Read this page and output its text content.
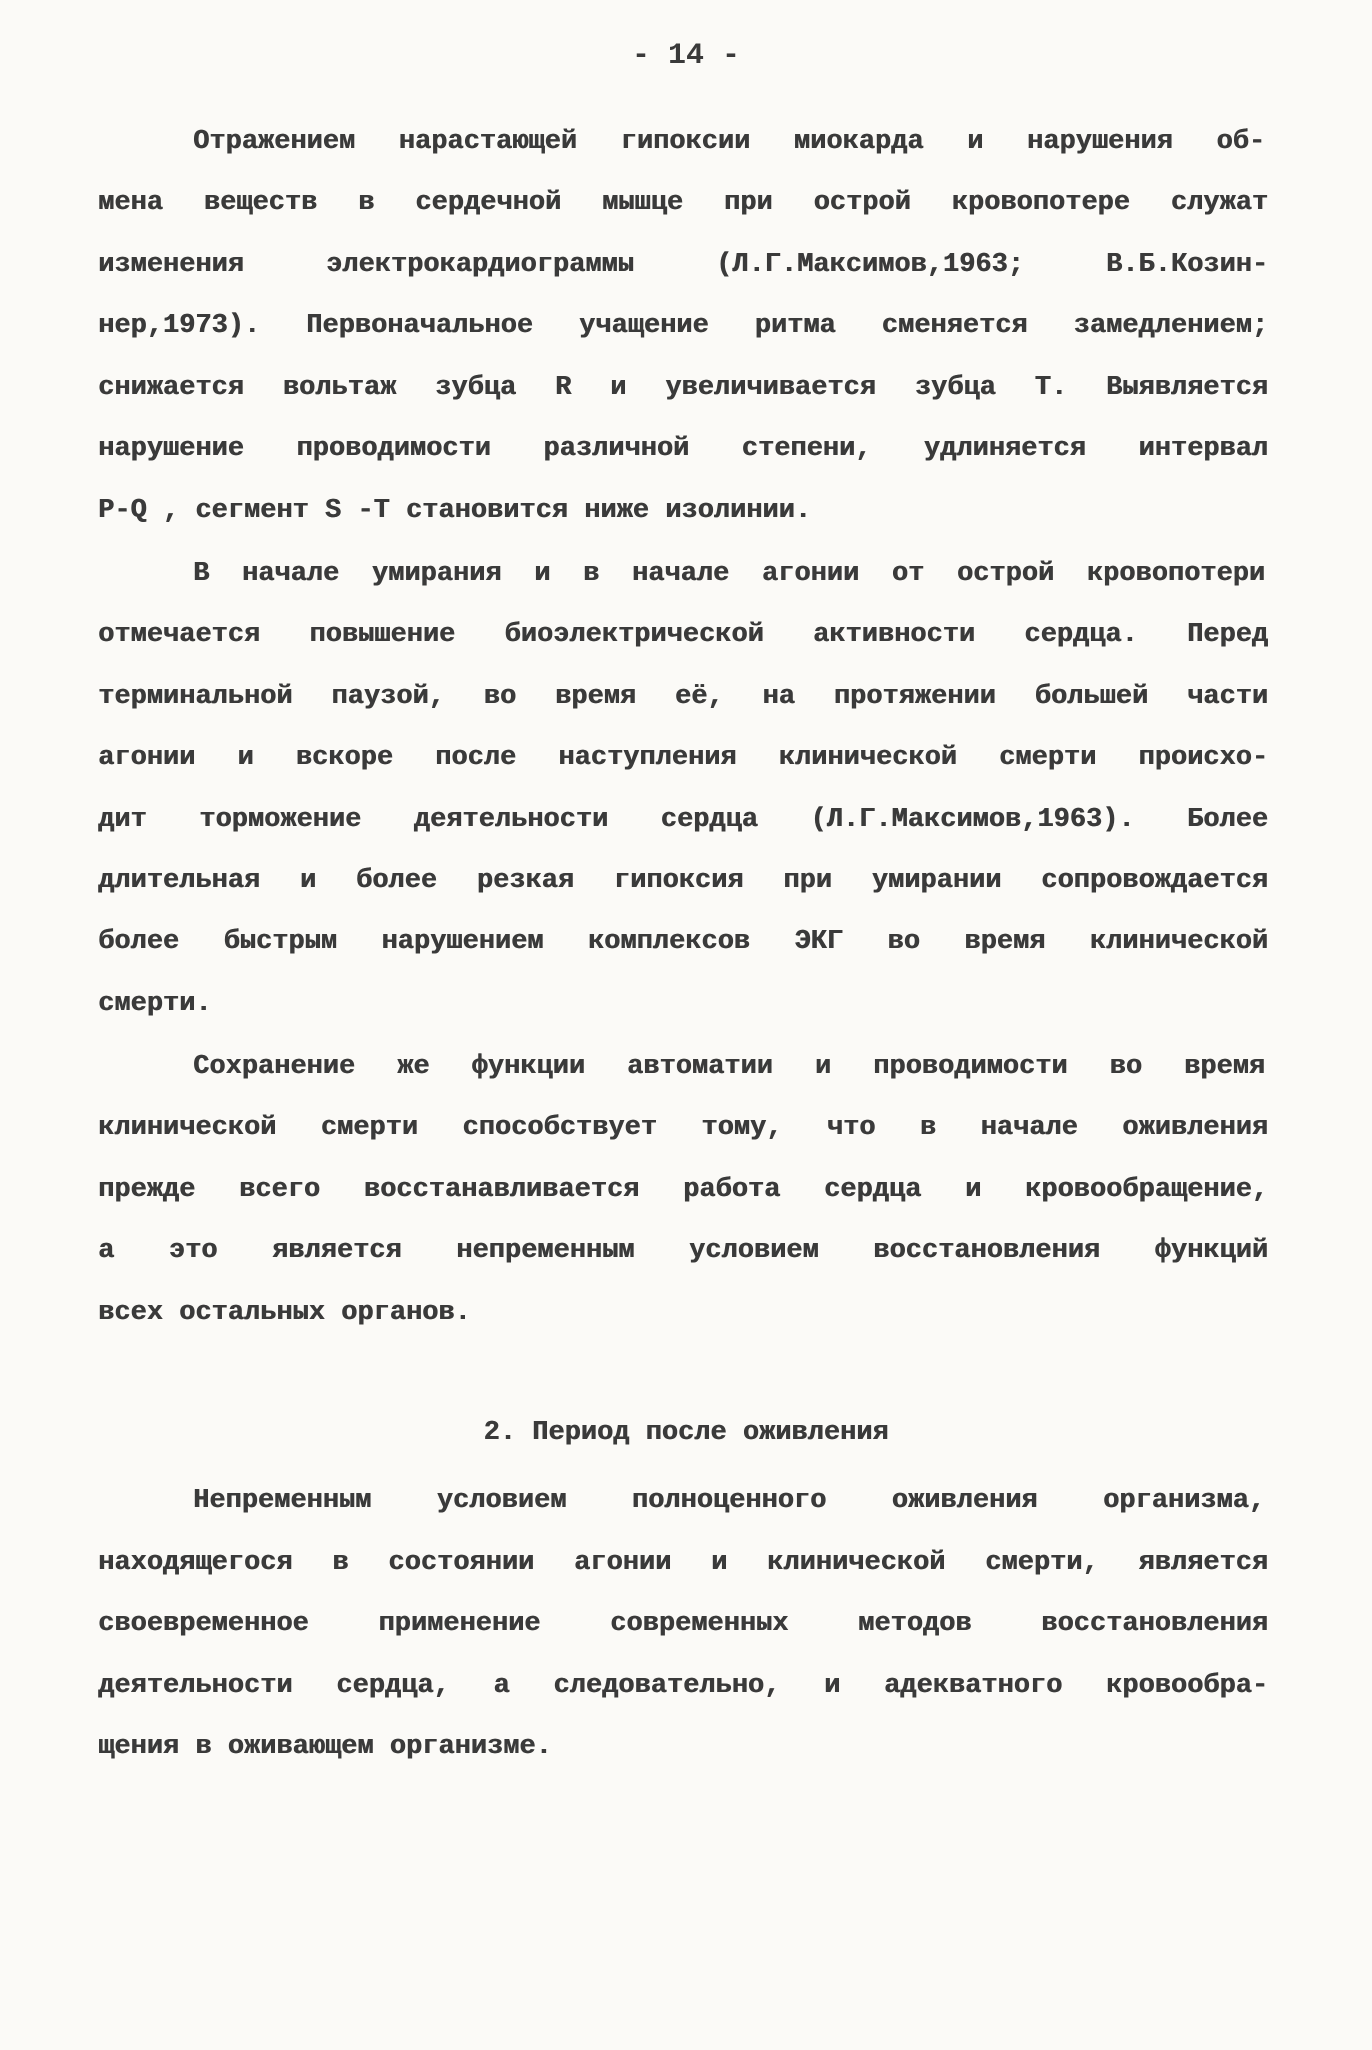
- 14 -
Отражением нарастающей гипоксии миокарда и нарушения об-
мена веществ в сердечной мышце при острой кровопотере служат
изменения электрокардиограммы (Л.Г.Максимов,1963; В.Б.Козин-
нер,1973). Первоначальное учащение ритма сменяется замедлением;
снижается вольтаж зубца R и увеличивается зубца Т. Выявляется
нарушение проводимости различной степени, удлиняется интервал
P-Q , сегмент S -T становится ниже изолинии.
В начале умирания и в начале агонии от острой кровопотери
отмечается повышение биоэлектрической активности сердца. Перед
терминальной паузой, во время её, на протяжении большей части
агонии и вскоре после наступления клинической смерти происхо-
дит торможение деятельности сердца (Л.Г.Максимов,1963). Более
длительная и более резкая гипоксия при умирании сопровождается
более быстрым нарушением комплексов ЭКГ во время клинической
смерти.
Сохранение же функции автоматии и проводимости во время
клинической смерти способствует тому, что в начале оживления
прежде всего восстанавливается работа сердца и кровообращение,
а это является непременным условием восстановления функций
всех остальных органов.
2. Период после оживления
Непременным условием полноценного оживления организма,
находящегося в состоянии агонии и клинической смерти, является
своевременное применение современных методов восстановления
деятельности сердца, а следовательно, и адекватного кровообра-
щения в оживающем организме.
